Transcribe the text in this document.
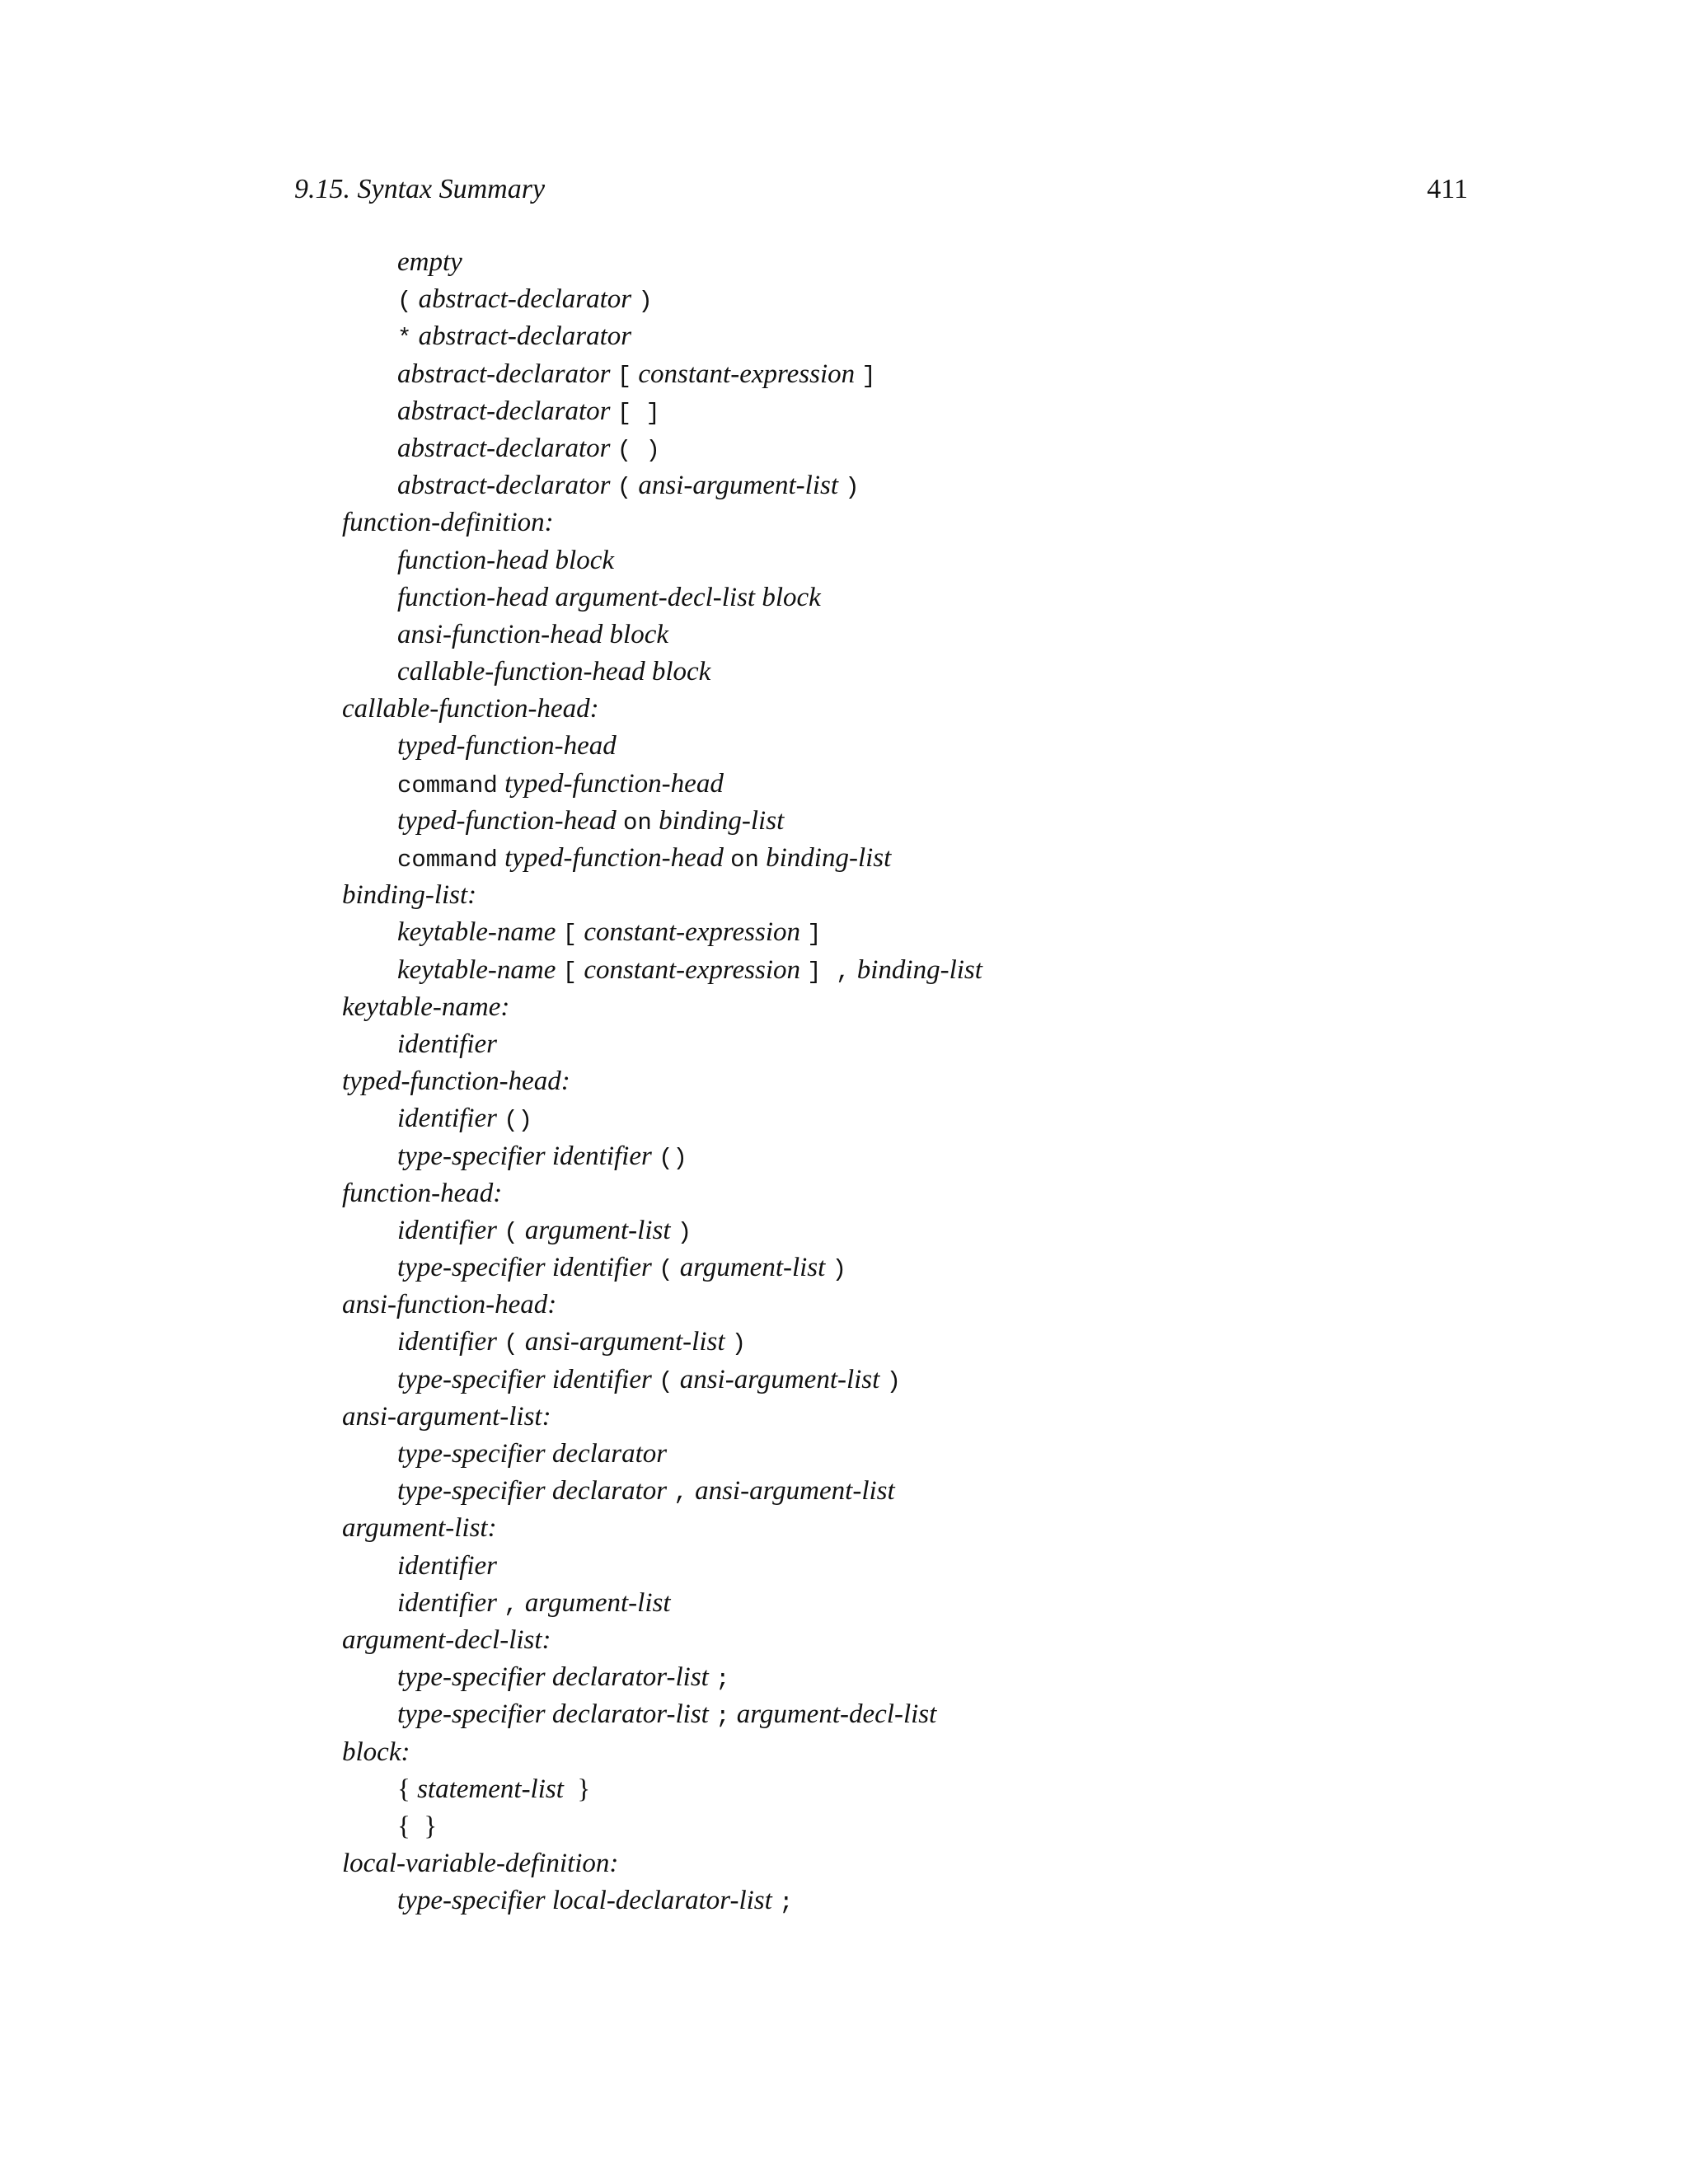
9.15. Syntax Summary	411
empty
( abstract-declarator )
* abstract-declarator
abstract-declarator [ constant-expression ]
abstract-declarator [ ]
abstract-declarator ( )
abstract-declarator ( ansi-argument-list )
function-definition:
function-head block
function-head argument-decl-list block
ansi-function-head block
callable-function-head block
callable-function-head:
typed-function-head
command typed-function-head
typed-function-head on binding-list
command typed-function-head on binding-list
binding-list:
keytable-name [ constant-expression ]
keytable-name [ constant-expression ] , binding-list
keytable-name:
identifier
typed-function-head:
identifier ()
type-specifier identifier ()
function-head:
identifier ( argument-list )
type-specifier identifier ( argument-list )
ansi-function-head:
identifier ( ansi-argument-list )
type-specifier identifier ( ansi-argument-list )
ansi-argument-list:
type-specifier declarator
type-specifier declarator , ansi-argument-list
argument-list:
identifier
identifier , argument-list
argument-decl-list:
type-specifier declarator-list ;
type-specifier declarator-list ; argument-decl-list
block:
{ statement-list  }
{  }
local-variable-definition:
type-specifier local-declarator-list ;
